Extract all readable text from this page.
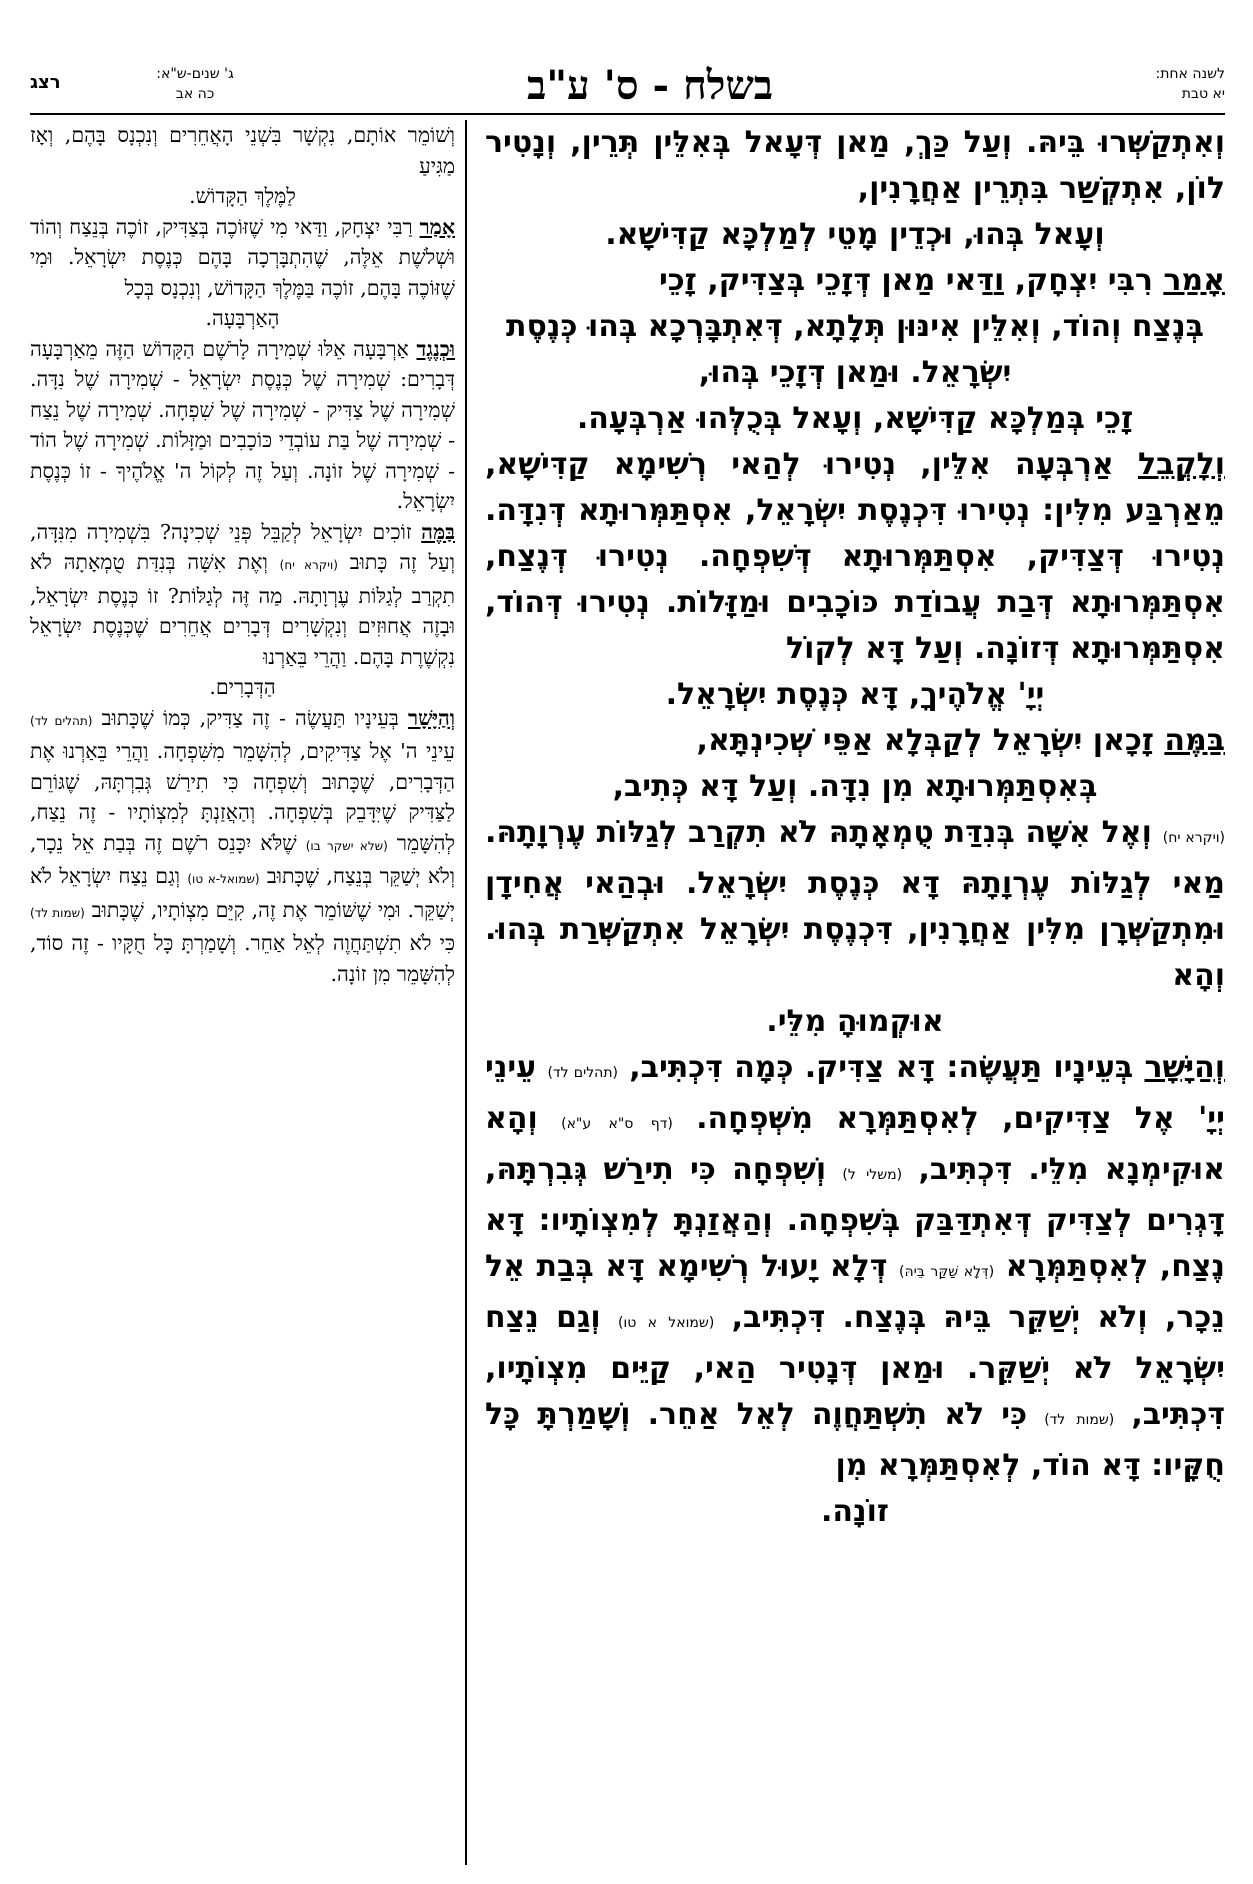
לשנה אחת:
יא טבת
בשלח - ס' ע"ב
ג' שנים-ש"א:
כה אב
רצג

וְאִתְקַשְּׁרוּ בֵּיהּ. וְעַל כַּךְ, מַאן דְּעָאל בְּאִלֵּין תְּרֵין, וְנָטִיר לוֹן, אִתְקְשַׁר בִּתְרֵין אַחֲרָנִין,

וְעָאל בְּהוּ, וּכְדֵין מָטֵי לְמַלְכָּא קַדִּישָׁא.

אָמַר רִבִּי יִצְחָק, וַדַּאי מַאן דְּזָכֵי בְּצַדִּיק, זָכֵי

בְּנֶצַח וְהוֹד, וְאִלֵּין אִינּוּן תְּלָתָא, דְּאִתְבָּרְכָא בְּהוּ כְּנֶסֶת יִשְׂרָאֵל. וּמַאן דְּזָכֵי בְּהוּ,

זָכֵי בְּמַלְכָּא קַדִּישָׁא, וְעָאל בְּכֻלְּהוּ אַרְבְּעָה.

וְלָקֳבֵל אַרְבְּעָה אִלֵּין, נְטִירוּ לְהַאי רְשִׁימָא קַדִּישָׁא, מֵאַרְבַּע מִלִּין: נְטִירוּ דִּכְנֶסֶת יִשְׂרָאֵל, אִסְתַּמְּרוּתָא דְּנִדָּה. נְטִירוּ דְּצַדִּיק, אִסְתַּמְּרוּתָא דְּשִׁפְחָה. נְטִירוּ דְּנֶצַח, אִסְתַּמְּרוּתָא דְּבַת עֲבוֹדַת כּוֹכָבִים וּמַזָּלוֹת. נְטִירוּ דְּהוֹד, אִסְתַּמְּרוּתָא דְּזוֹנָה. וְעַל דָּא לְקוֹל

יְיָ' אֱלֹהֶיךָ, דָּא כְּנֶסֶת יִשְׂרָאֵל.

בַּמֶּה זָכָאן יִשְׂרָאֵל לְקַבְּלָא אַפֵּי שְׁכִינְתָּא,

בְּאִסְתַּמְּרוּתָא מִן נִדָּה. וְעַל דָּא כְּתִיב,

(ויקרא יח) וְאֶל אִשָּׁה בְּנִדַּת טֻמְאָתָהּ לֹא תִקְרַב לְגַלּוֹת עֶרְוָתָהּ. מַאי לְגַלּוֹת עֶרְוָתָהּ דָּא כְּנֶסֶת יִשְׂרָאֵל. וּבְהַאי אֲחִידָן וּמִתְקַשְּׁרָן מִלִּין אַחֲרָנִין, דִּכְנֶסֶת יִשְׂרָאֵל אִתְקַשְּׁרַת בְּהוּ. וְהָא

אוּקְמוּהָ מִלֵּי.

וְהַיָּשָׁר בְּעֵינָיו תַּעֲשֶׂה: דָּא צַדִּיק. כְּמָה דִּכְתִּיב, (תהלים לד) עֵינֵי יְיָ' אֶל צַדִּיקִים, לְאִסְתַּמְּרָא מִשְּׁפְחָה. (דף ס"א ע"א) וְהָא אוּקִימְנָא מִלֵּי. דִּכְתִּיב, (משלי ל) וְשִׁפְחָה כִּי תִירַשׁ גְּבִרְתָּהּ, דָּגְרִים לְצַדִּיק דְּאִתְדַּבַּק בְּשִׁפְחָה. וְהַאֲזַנְתָּ לְמִצְוֹתָיו: דָּא נֶצַח, לְאִסְתַּמְּרָא (דְּלָא שַׁקַּר בֵּיהּ) דְּלָא יָעוּל רְשִׁימָא דָּא בְּבַת אֵל נֵכָר, וְלֹא יְשַׁקֵּר בֵּיהּ בְּנֶצַח. דִּכְתִּיב, (שמואל א טו) וְגַם נֵצַח יִשְׂרָאֵל לֹא יְשַׁקֵּר. וּמַאן דְּנָטִיר הַאי, קַיֵּים מִצְוֹתָיו, דִּכְתִּיב, (שמות לד) כִּי לֹא תִשְׁתַּחֲוֶה לְאֵל אַחֵר. וְשָׁמַרְתָּ כָּל חֻקָּיו: דָּא הוֹד, לְאִסְתַּמְּרָא מִן

זוֹנָה.

וְשׁוֹמֵר אוֹתָם, נִקְשָׁר בִּשְׁנֵי הָאֲחֵרִים וְנִכְנָס בָּהֶם, וְאָז מַגִּיעַ

לַמֶּלֶךְ הַקָּדוֹשׁ.

אָמַר רַבִּי יִצְחָק, וַדַּאי מִי שֶׁזּוֹכֶה בְּצַדִּיק, זוֹכֶה בְּנֵצַח וְהוֹד וּשְׁלֹשֶׁת אֵלֶּה, שֶׁהִתְבָּרְכָה בָּהֶם כְּנֶסֶת יִשְׂרָאֵל. וּמִי שֶׁזּוֹכֶה בָּהֶם, זוֹכֶה בַּמֶּלֶךְ הַקָּדוֹשׁ, וְנִכְנָס בְּכָל

הָאַרְבָּעָה.

וּכְנֶגֶד אַרְבָּעָה אֵלּוּ שְׁמִירָה לָרֹשֶׁם הַקָּדוֹשׁ הַזֶּה מֵאַרְבָּעָה דְּבָרִים: שְׁמִירָה שֶׁל כְּנֶסֶת יִשְׂרָאֵל - שְׁמִירָה שֶׁל נִדָּה. שְׁמִירָה שֶׁל צַדִּיק - שְׁמִירָה שֶׁל שִׁפְחָה. שְׁמִירָה שֶׁל נֵצַח - שְׁמִירָה שֶׁל בַּת עוֹבְדֵי כּוֹכָבִים וּמַזָּלוֹת. שְׁמִירָה שֶׁל הוֹד - שְׁמִירָה שֶׁל זוֹנָה. וְעַל זֶה לְקוֹל ה' אֱלֹהֶיךָ - זוֹ כְּנֶסֶת יִשְׂרָאֵל.

בַּמֶּה זוֹכִים יִשְׂרָאֵל לְקַבֵּל פְּנֵי שְׁכִינָה? בִּשְׁמִירָה מִנִּדָּה, וְעַל זֶה כָּתוּב (ויקרא יח) וְאֶת אִשָּׁה בְּנִדַּת טֻמְאָתָהּ לֹא תִקְרַב לְגַלּוֹת עֶרְוָתָהּ. מַה זֶּה לְגַלּוֹת? זוֹ כְּנֶסֶת יִשְׂרָאֵל, וּבָזֶה אֲחוּזִים וְנִקְשָׁרִים דְּבָרִים אֲחֵרִים שֶׁכְּנֶסֶת יִשְׂרָאֵל נִקְשֶׁרֶת בָּהֶם. וַהֲרֵי בֵּאַרְנוּ

הַדְּבָרִים.

וְהַיָּשָׁר בְּעֵינָיו תַּעֲשֶׂה - זֶה צַדִּיק, כְּמוֹ שֶׁכָּתוּב (תהלים לד) עֵינֵי ה' אֶל צַדִּיקִים, לְהִשָּׁמֵר מִשִּׁפְחָה. וַהֲרֵי בֵּאַרְנוּ אֶת הַדְּבָרִים, שֶׁכָּתוּב וְשִׁפְחָה כִּי תִירַשׁ גְּבִרְתָּהּ, שֶׁגּוֹרֵם לַצַּדִּיק שֶׁיִּדָּבֵק בְּשִׁפְחָה. וְהַאֲזַנְתָּ לְמִצְוֹתָיו - זֶה נֵצַח, לְהִשָּׁמֵר (שלא ישקר בו) שֶׁלֹּא יִכָּנֵס רֹשֶׁם זֶה בְּבַת אֵל נֵכָר, וְלֹא יְשַׁקֵּר בְּנֵצַח, שֶׁכָּתוּב (שמואל-א טו) וְגַם נֵצַח יִשְׂרָאֵל לֹא יְשַׁקֵּר. וּמִי שֶׁשּׁוֹמֵר אֶת זֶה, קִיֵּם מִצְוֹתָיו, שֶׁכָּתוּב (שמות לד) כִּי לֹא תִשְׁתַּחֲוֶה לְאֵל אַחֵר. וְשָׁמַרְתָּ כָּל חֻקָּיו - זֶה סוֹד, לְהִשָּׁמֵר מִן זוֹנָה.
